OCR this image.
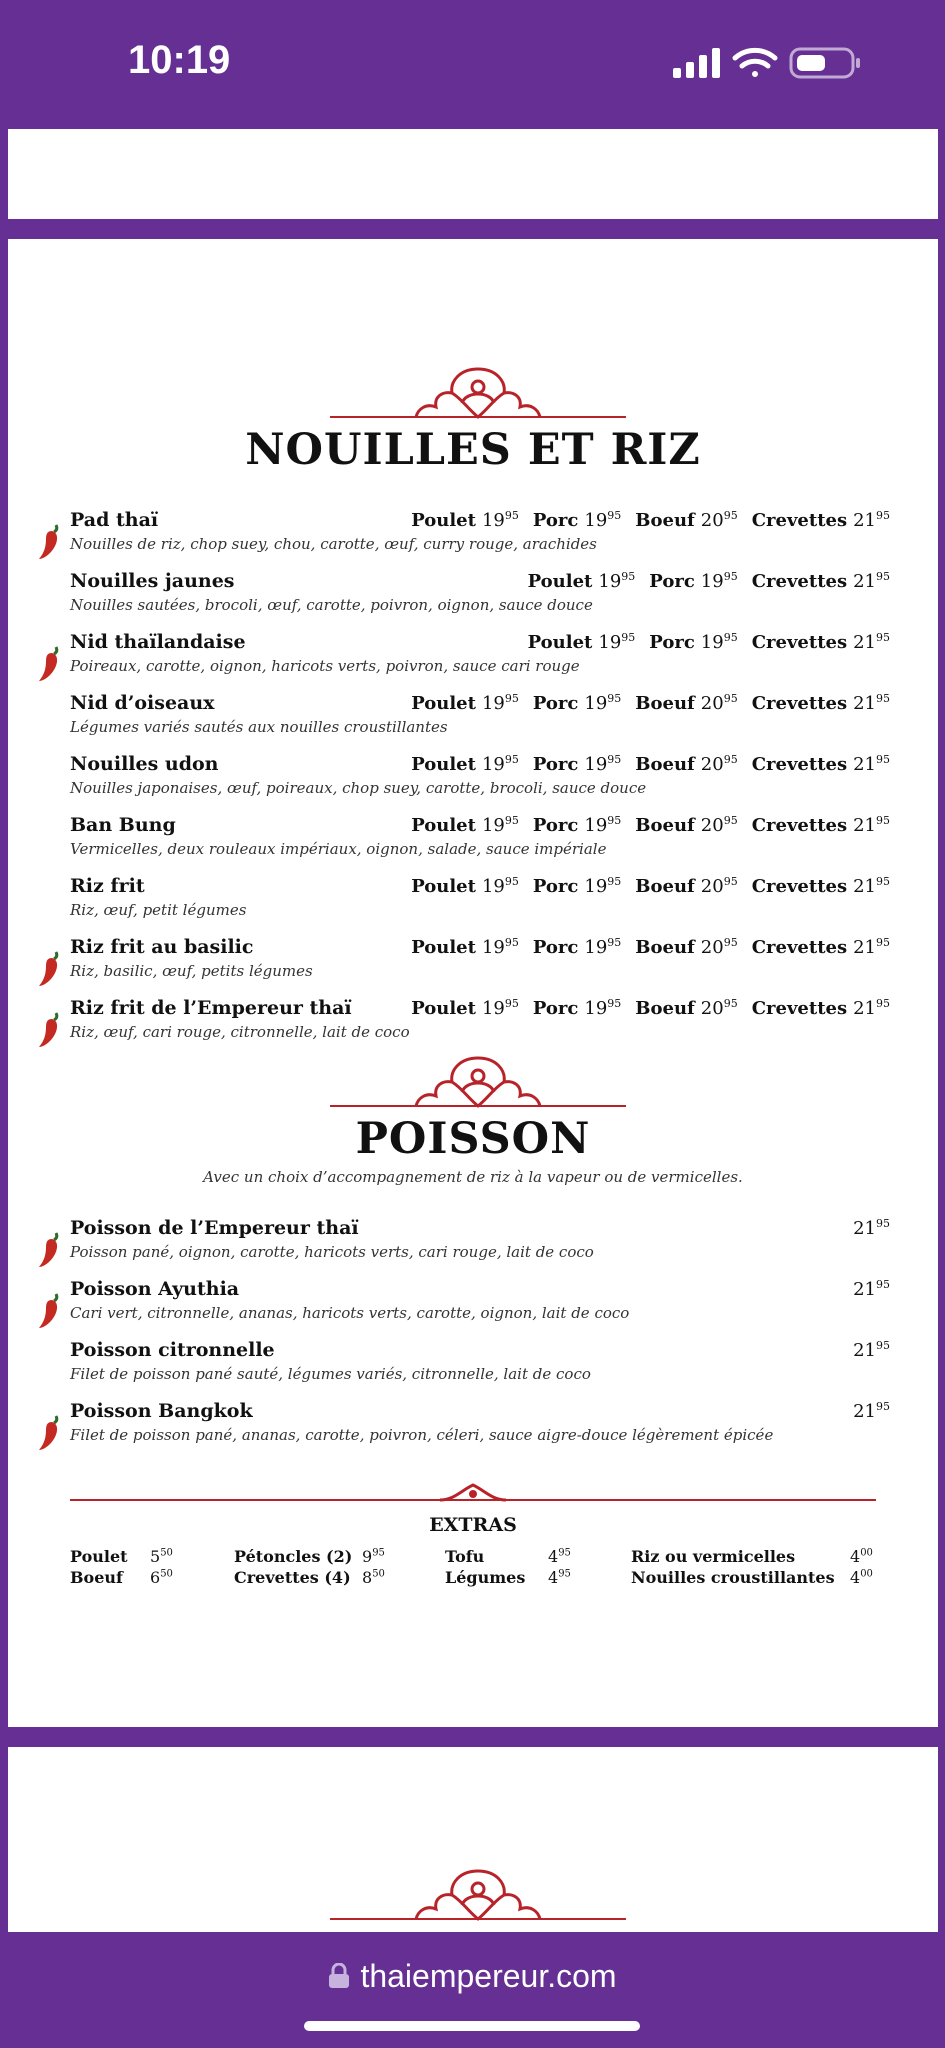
10:19
NOUILLES ET RIZ
Pad thaï
Nouilles de riz, chop suey, chou, carotte, œuf, curry rouge, arachides
Poulet $19^{95}$ Porc $19^{95}$ Boeuf $20^{95}$ Crevettes $21^{95}$
Nouilles jaunes
Nouilles sautées, brocoli, œuf, carotte, poivron, oignon, sauce douce
Poulet $19^{95}$ Porc $19^{95}$ Crevettes $21^{95}$
Nid thaïlandaise
Poireaux, carotte, oignon, haricots verts, poivron, sauce cari rouge
Poulet $19^{95}$ Porc $19^{95}$ Crevettes $21^{95}$
Nid d’oiseaux
Légumes variés sautés aux nouilles croustillantes
Poulet $19^{95}$ Porc $19^{95}$ Boeuf $20^{95}$ Crevettes $21^{95}$
Nouilles udon
Nouilles japonaises, œuf, poireaux, chop suey, carotte, brocoli, sauce douce
Poulet $19^{95}$ Porc $19^{95}$ Boeuf $20^{95}$ Crevettes $21^{95}$
Ban Bung
Vermicelles, deux rouleaux impériaux, oignon, salade, sauce impériale
Poulet $19^{95}$ Porc $19^{95}$ Boeuf $20^{95}$ Crevettes $21^{95}$
Riz frit
Riz, œuf, petit légumes
Poulet $19^{95}$ Porc $19^{95}$ Boeuf $20^{95}$ Crevettes $21^{95}$
Riz frit au basilic
Riz, basilic, œuf, petits légumes
Poulet $19^{95}$ Porc $19^{95}$ Boeuf $20^{95}$ Crevettes $21^{95}$
Riz frit de l’Empereur thaï
Riz, œuf, cari rouge, citronnelle, lait de coco
Poulet $19^{95}$ Porc $19^{95}$ Boeuf $20^{95}$ Crevettes $21^{95}$
POISSON
Avec un choix d’accompagnement de riz à la vapeur ou de vermicelles.
Poisson de l’Empereur thaï
Poisson pané, oignon, carotte, haricots verts, cari rouge, lait de coco
$21^{95}$
Poisson Ayuthia
Cari vert, citronnelle, ananas, haricots verts, carotte, oignon, lait de coco
$21^{95}$
Poisson citronnelle
Filet de poisson pané sauté, légumes variés, citronnelle, lait de coco
$21^{95}$
Poisson Bangkok
Filet de poisson pané, ananas, carotte, poivron, céleri, sauce aigre-douce légèrement épicée
$21^{95}$
EXTRAS
Poulet $5^{50}$
Boeuf $6^{50}$
Pétoncles (2) $9^{95}$
Crevettes (4) $8^{50}$
Tofu	$4^{95}$
Légumes $4^{95}$
Riz ou vermicelles	$4^{00}$
Nouilles croustillantes $4^{00}$
thaiempereur.com
